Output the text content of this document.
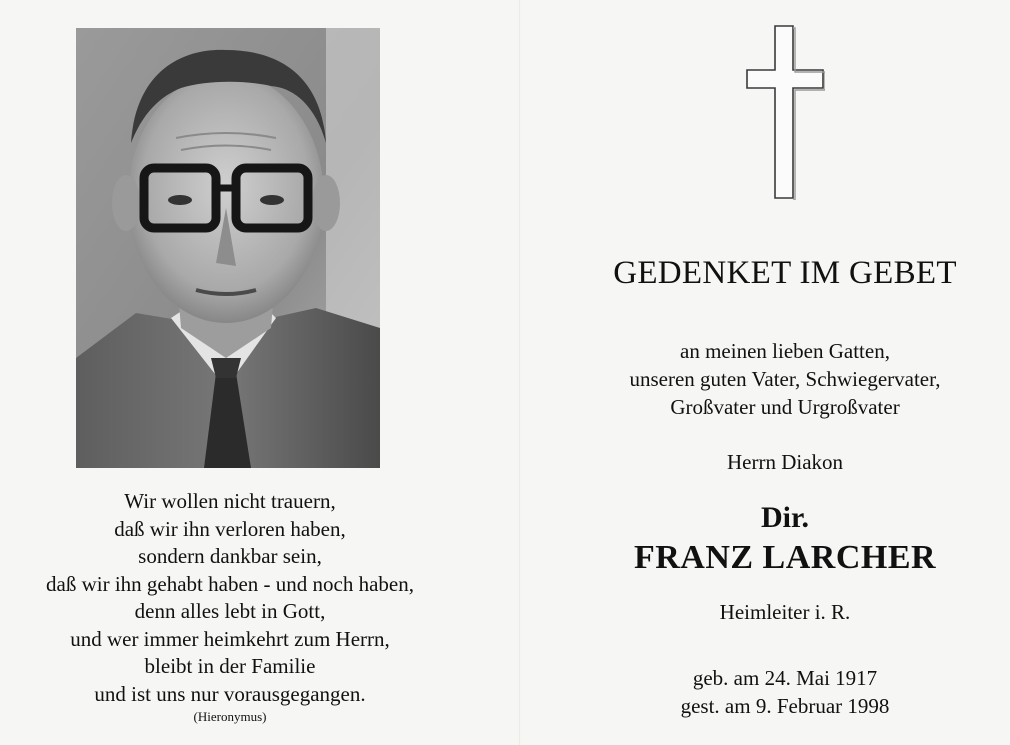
Wir wollen nicht trauern,
daß wir ihn verloren haben,
sondern dankbar sein,
daß wir ihn gehabt haben - und noch haben,
denn alles lebt in Gott,
und wer immer heimkehrt zum Herrn,
bleibt in der Familie
und ist uns nur vorausgegangen.
(Hieronymus)
GEDENKET IM GEBET
an meinen lieben Gatten,
unseren guten Vater, Schwiegervater,
Großvater und Urgroßvater
Herrn Diakon
Dir.
FRANZ LARCHER
Heimleiter i. R.
geb. am 24. Mai 1917
gest. am 9. Februar 1998
